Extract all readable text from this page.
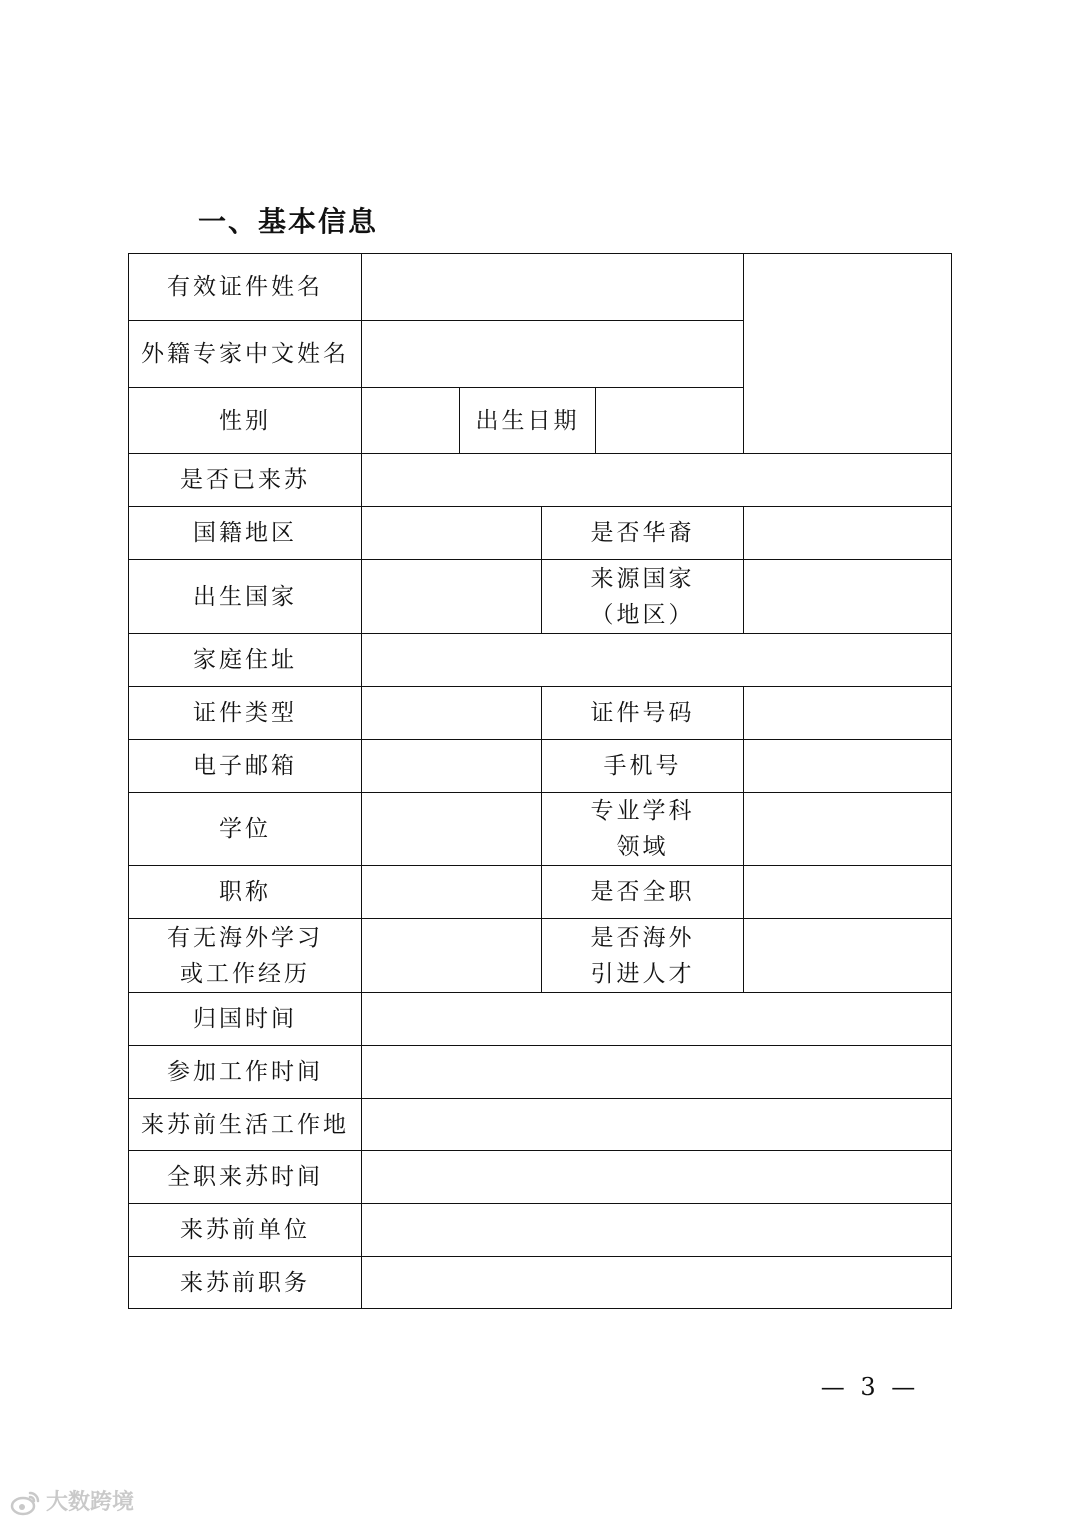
一、基本信息
有效证件姓名					
外籍专家中文姓名					
性别		出生日期			
是否已来苏					
国籍地区			是否华裔		
出生国家			来源国家
（地区）		

家庭住址					
证件类型			证件号码		
电子邮箱			手机号		
学位			专业学科
领域		

职称			是否全职		

有无海外学习
或工作经历			是否海外
引进人才		

归国时间					
参加工作时间					
来苏前生活工作地					
全职来苏时间					
来苏前单位					
来苏前职务					
— 3 —
大数跨境
